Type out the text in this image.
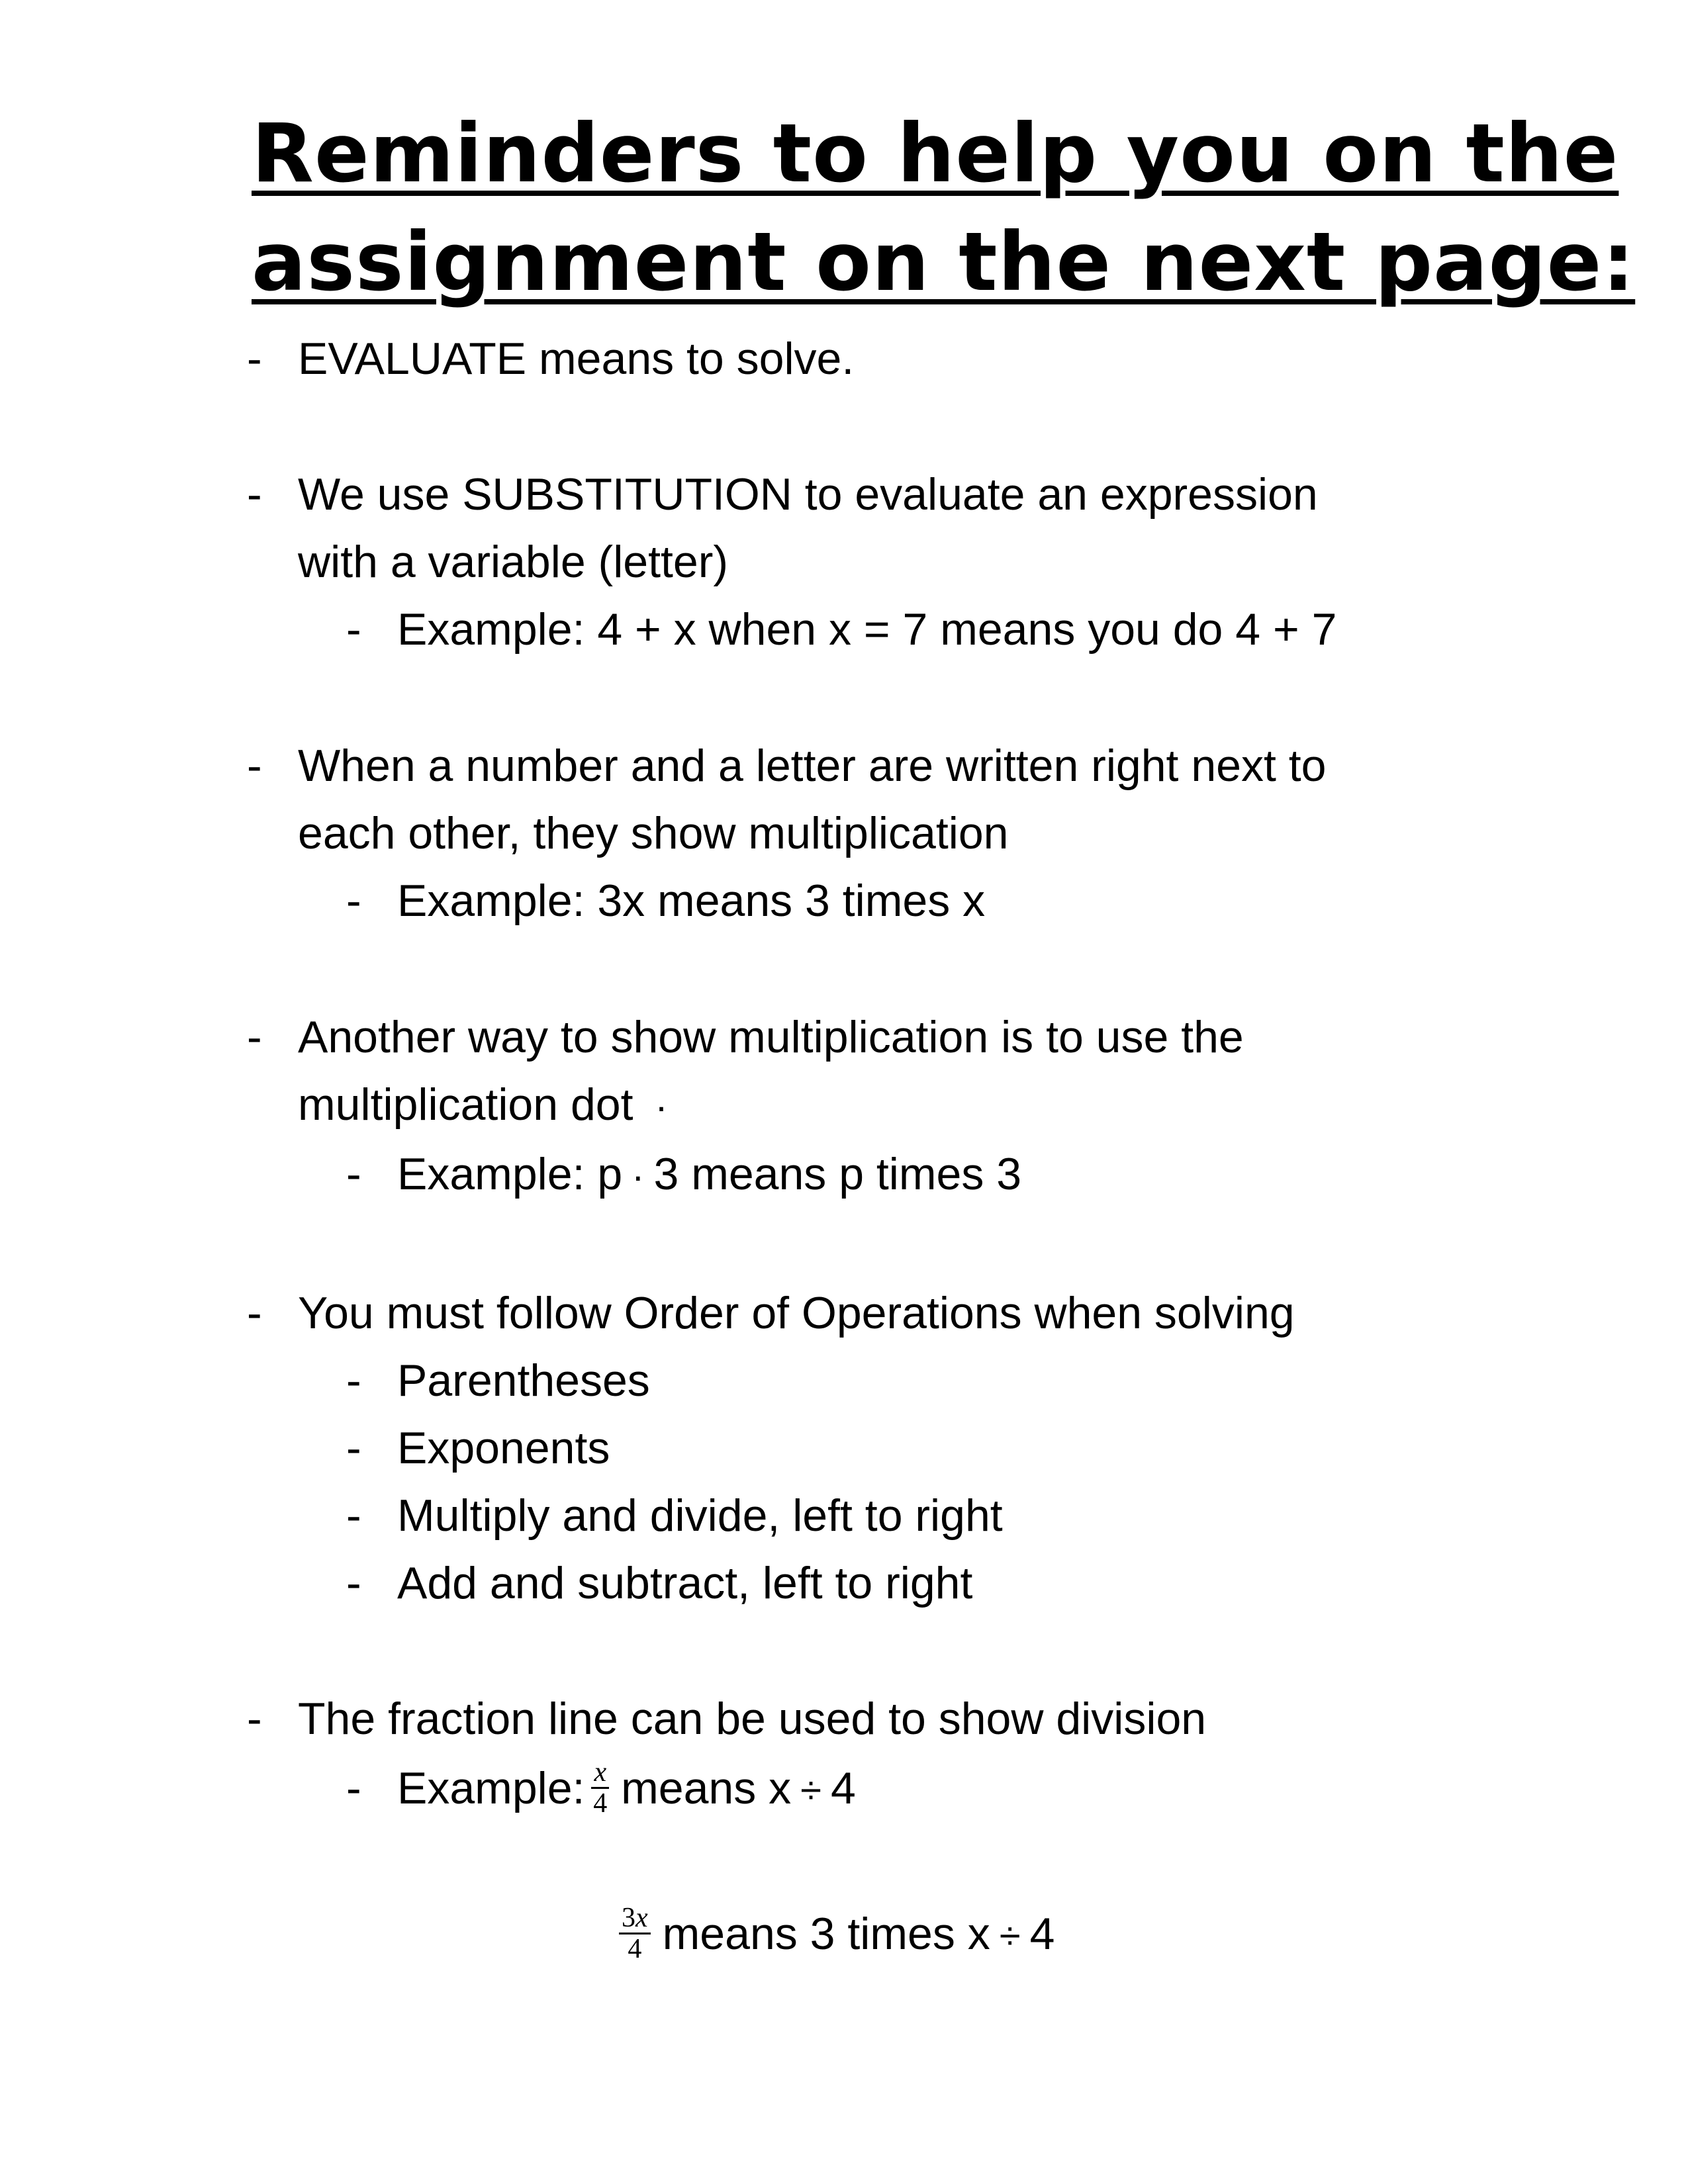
Reminders to help you on the
assignment on the next page:
- EVALUATE means to solve.
- We use SUBSTITUTION to evaluate an expression
with a variable (letter)
- Example: 4 + x when x = 7 means you do 4 + 7
- When a number and a letter are written right next to
each other, they show multiplication
- Example: 3x means 3 times x
- Another way to show multiplication is to use the
multiplication dot ·
- Example: p · 3 means p times 3
- You must follow Order of Operations when solving
- Parentheses
- Exponents
- Multiply and divide, left to right
- Add and subtract, left to right
- The fraction line can be used to show division
- Example: $\frac{x}{4}$ means x ÷ 4
$\frac{3x}{4}$ means 3 times x ÷ 4
